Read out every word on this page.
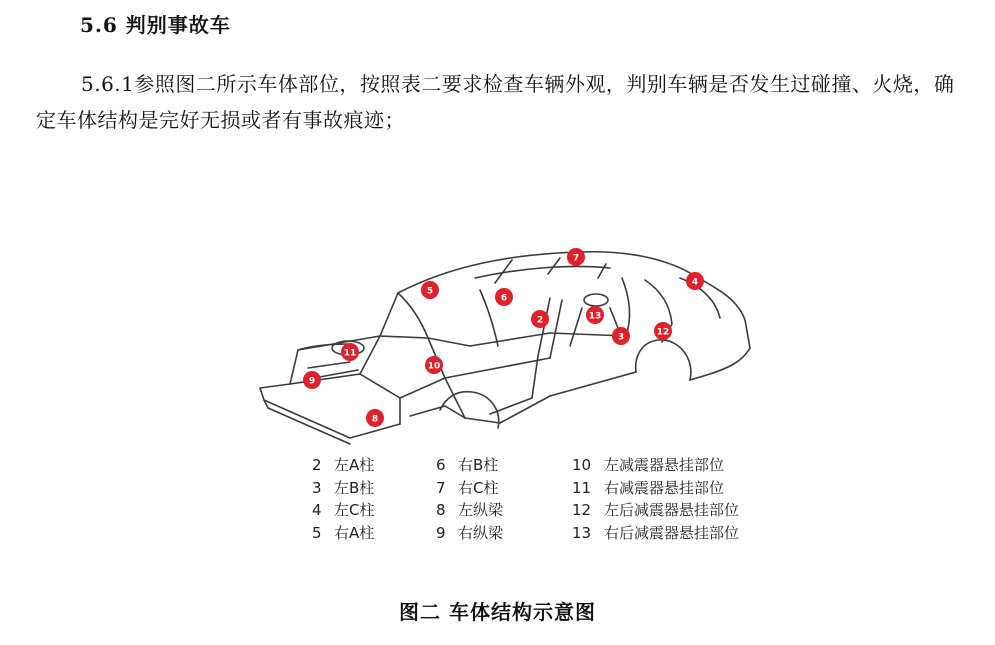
5.6 判别事故车
5.6.1参照图二所示车体部位，按照表二要求检查车辆外观，判别车辆是否发生过碰撞、火烧，确定车体结构是完好无损或者有事故痕迹；
7
4
5
6
2	13
12
3
11
10
9
8
2 左A柱
3 左B柱
4 左C柱
5 右A柱
6 右B柱
7 右C柱
8 左纵梁
9 右纵梁
10 左减震器悬挂部位
11 右减震器悬挂部位
12 左后减震器悬挂部位
13 右后减震器悬挂部位
图二 车体结构示意图
